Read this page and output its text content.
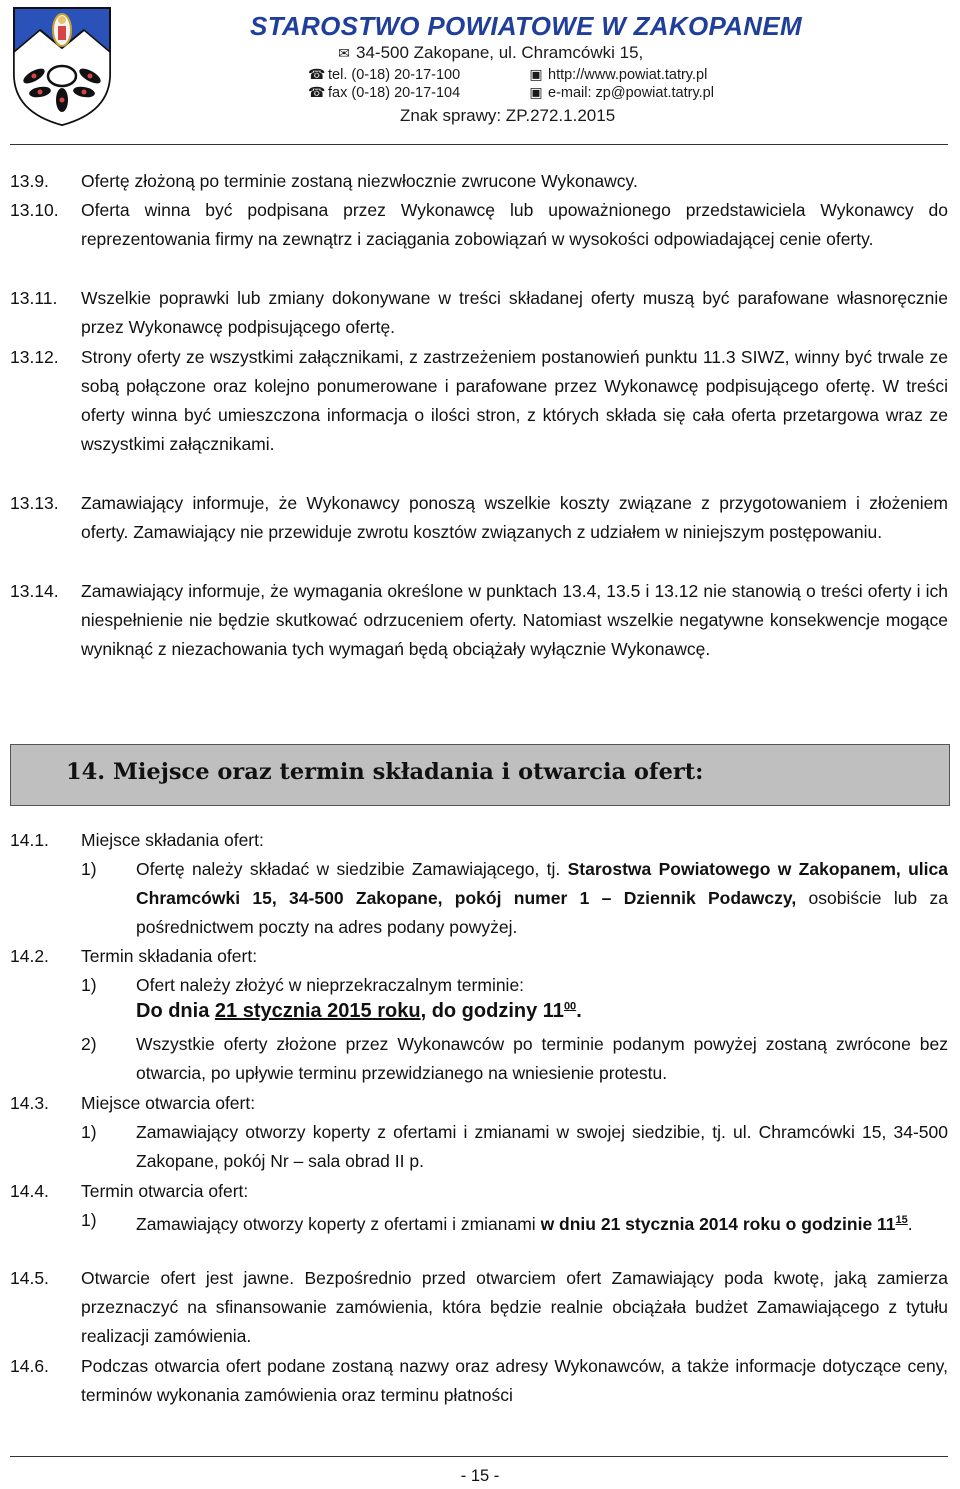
STAROSTWO POWIATOWE W ZAKOPANEM
✉ 34-500 Zakopane, ul. Chramcówki 15,
☎ tel. (0-18) 20-17-100
☎ fax (0-18) 20-17-104
▣ http://www.powiat.tatry.pl
▣ e-mail: zp@powiat.tatry.pl
Znak sprawy: ZP.272.1.2015
13.9. Ofertę złożoną po terminie zostaną niezwłocznie zwrucone Wykonawcy.
13.10. Oferta winna być podpisana przez Wykonawcę lub upoważnionego przedstawiciela Wykonawcy do reprezentowania firmy na zewnątrz i zaciągania zobowiązań w wysokości odpowiadającej cenie oferty.
13.11. Wszelkie poprawki lub zmiany dokonywane w treści składanej oferty muszą być parafowane własnoręcznie przez Wykonawcę podpisującego ofertę.
13.12. Strony oferty ze wszystkimi załącznikami, z zastrzeżeniem postanowień punktu 11.3 SIWZ, winny być trwale ze sobą połączone oraz kolejno ponumerowane i parafowane przez Wykonawcę podpisującego ofertę. W treści oferty winna być umieszczona informacja o ilości stron, z których składa się cała oferta przetargowa wraz ze wszystkimi załącznikami.
13.13. Zamawiający informuje, że Wykonawcy ponoszą wszelkie koszty związane z przygotowaniem i złożeniem oferty. Zamawiający nie przewiduje zwrotu kosztów związanych z udziałem w niniejszym postępowaniu.
13.14. Zamawiający informuje, że wymagania określone w punktach 13.4, 13.5 i 13.12 nie stanowią o treści oferty i ich niespełnienie nie będzie skutkować odrzuceniem oferty. Natomiast wszelkie negatywne konsekwencje mogące wyniknąć z niezachowania tych wymagań będą obciążały wyłącznie Wykonawcę.
14. Miejsce oraz termin składania i otwarcia ofert:
14.1. Miejsce składania ofert:
1) Ofertę należy składać w siedzibie Zamawiającego, tj. Starostwa Powiatowego w Zakopanem, ulica Chramcówki 15, 34-500 Zakopane, pokój numer 1 – Dziennik Podawczy, osobiście lub za pośrednictwem poczty na adres podany powyżej.
14.2. Termin składania ofert:
1) Ofert należy złożyć w nieprzekraczalnym terminie:
Do dnia 21 stycznia 2015 roku, do godziny $11^{00}$.
2) Wszystkie oferty złożone przez Wykonawców po terminie podanym powyżej zostaną zwrócone bez otwarcia, po upływie terminu przewidzianego na wniesienie protestu.
14.3. Miejsce otwarcia ofert:
1) Zamawiający otworzy koperty z ofertami i zmianami w swojej siedzibie, tj. ul. Chramcówki 15, 34-500 Zakopane, pokój Nr – sala obrad II p.
14.4. Termin otwarcia ofert:
1) Zamawiający otworzy koperty z ofertami i zmianami w dniu 21 stycznia 2014 roku o godzinie $11^{15}$.
14.5. Otwarcie ofert jest jawne. Bezpośrednio przed otwarciem ofert Zamawiający poda kwotę, jaką zamierza przeznaczyć na sfinansowanie zamówienia, która będzie realnie obciążała budżet Zamawiającego z tytułu realizacji zamówienia.
14.6. Podczas otwarcia ofert podane zostaną nazwy oraz adresy Wykonawców, a także informacje dotyczące ceny, terminów wykonania zamówienia oraz terminu płatności
- 15 -
